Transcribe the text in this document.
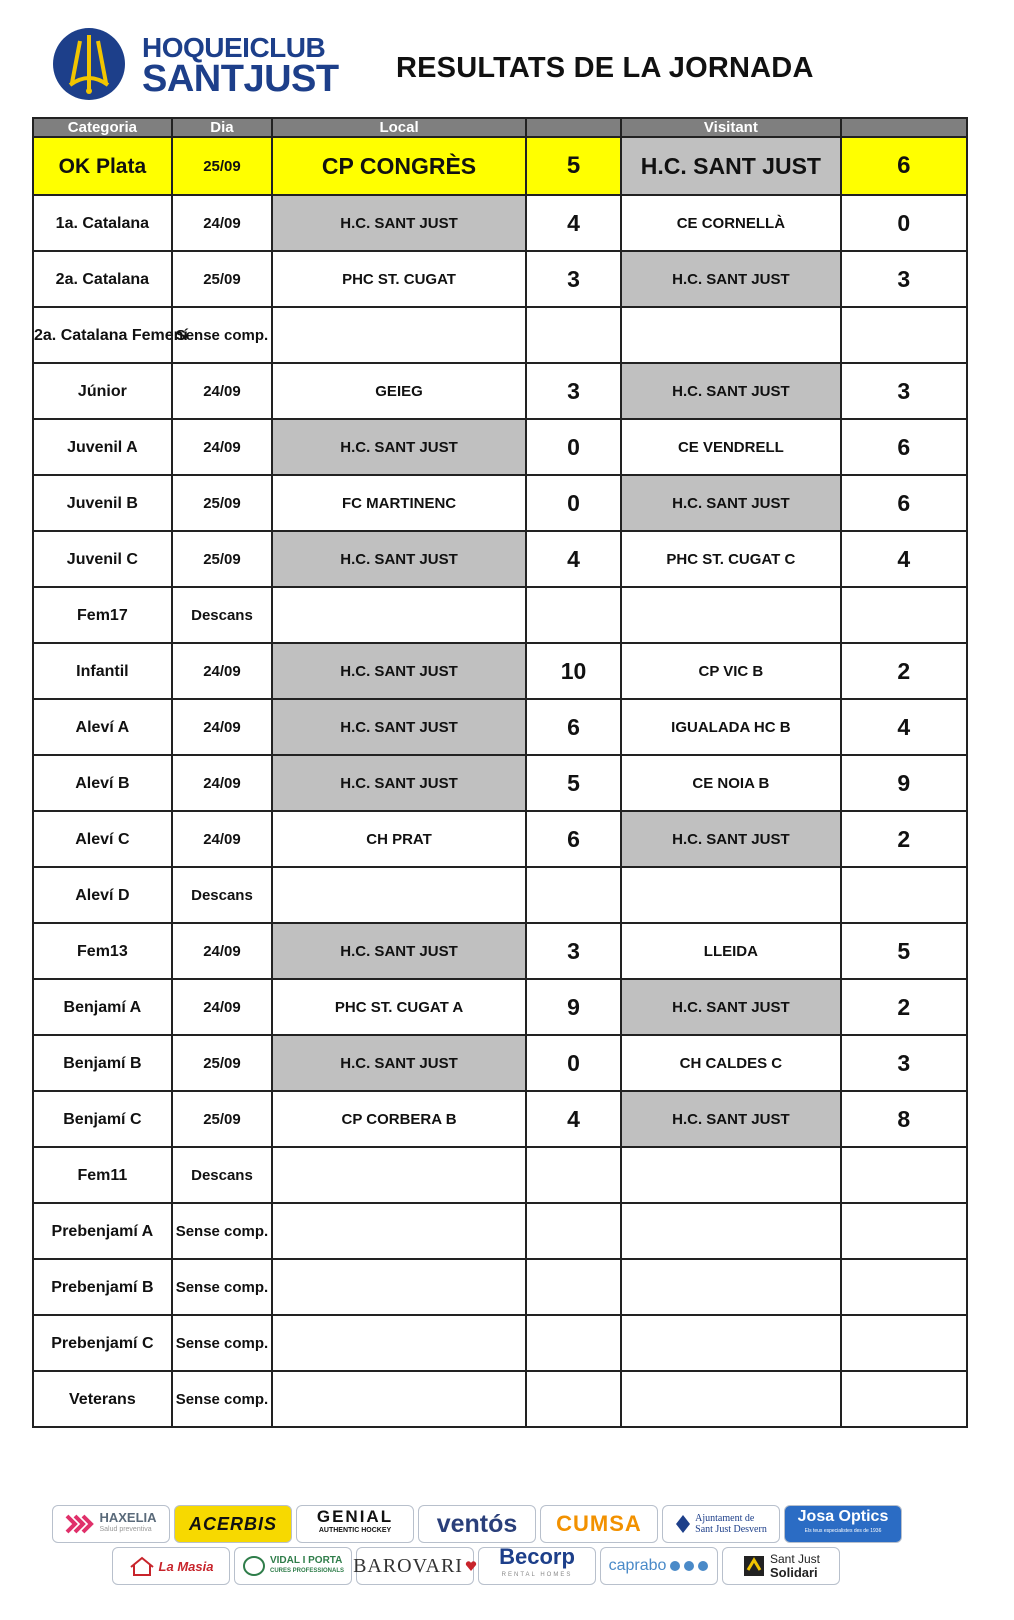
HOQUEICLUB
SANTJUST RESULTATS DE LA JORNADA
Categoria	Dia	Local		Visitant	
OK Plata	25/09	CP CONGRÈS	5	H.C. SANT JUST	6
1a. Catalana	24/09	H.C. SANT JUST	4	CE CORNELLÀ	0
2a. Catalana	25/09	PHC ST. CUGAT	3	H.C. SANT JUST	3
2a. Catalana Femení	Sense comp.				
Júnior	24/09	GEIEG	3	H.C. SANT JUST	3
Juvenil A	24/09	H.C. SANT JUST	0	CE VENDRELL	6
Juvenil B	25/09	FC MARTINENC	0	H.C. SANT JUST	6
Juvenil C	25/09	H.C. SANT JUST	4	PHC ST. CUGAT C	4
Fem17	Descans				
Infantil	24/09	H.C. SANT JUST	10	CP VIC B	2
Aleví A	24/09	H.C. SANT JUST	6	IGUALADA HC B	4
Aleví B	24/09	H.C. SANT JUST	5	CE NOIA B	9
Aleví C	24/09	CH PRAT	6	H.C. SANT JUST	2
Aleví D	Descans				
Fem13	24/09	H.C. SANT JUST	3	LLEIDA	5
Benjamí A	24/09	PHC ST. CUGAT A	9	H.C. SANT JUST	2
Benjamí B	25/09	H.C. SANT JUST	0	CH CALDES C	3
Benjamí C	25/09	CP CORBERA B	4	H.C. SANT JUST	8
Fem11	Descans				
Prebenjamí A	Sense comp.				
Prebenjamí B	Sense comp.				
Prebenjamí C	Sense comp.				
Veterans	Sense comp.				
HAXELIA
Salud preventiva ACERBIS GENIAL
AUTHENTIC HOCKEY ventós CUMSA	Ajuntament de
Sant Just Desvern
Josa Optics
Els teus especialistes des de 1936
La Masia	VIDAL I PORTA
CURES PROFESSIONALS BAROVARI Becorp
RENTAL HOMES
caprabo	Sant Just
Solidari
